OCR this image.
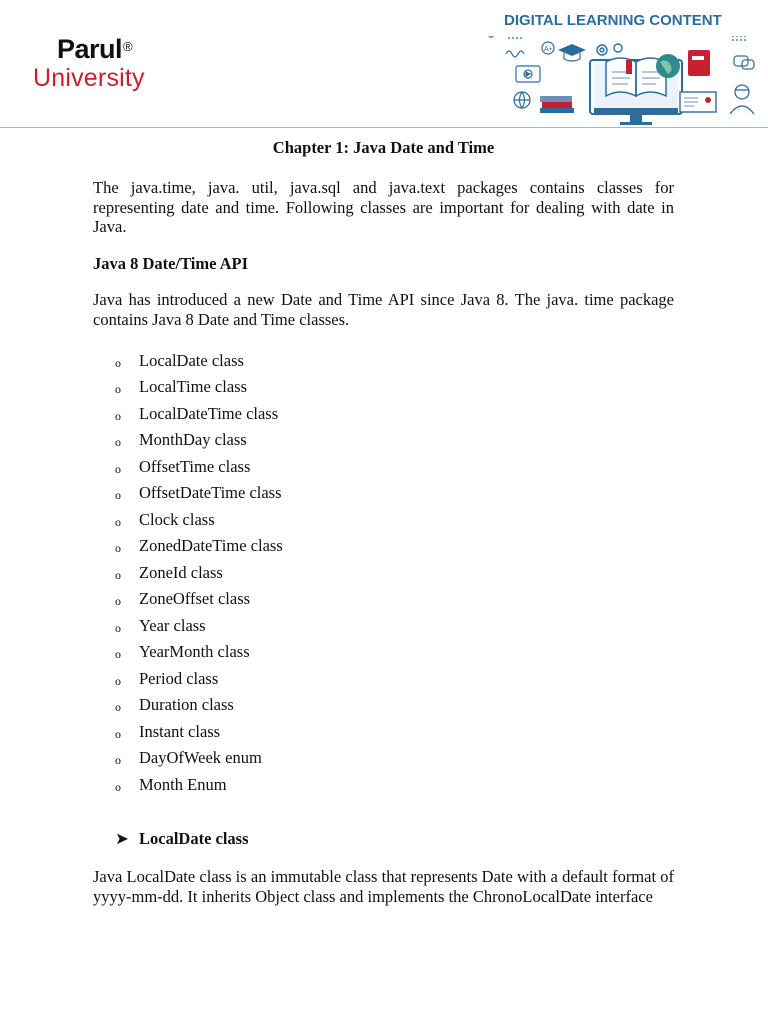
Parul ®
University
DIGITAL LEARNING CONTENT
A+
Chapter 1: Java Date and Time

The java.time, java. util, java.sql and java.text packages contains classes for representing date and time. Following classes are important for dealing with date in Java.

Java 8 Date/Time API

Java has introduced a new Date and Time API since Java 8. The java. time package contains Java 8 Date and Time classes.

o LocalDate class
o LocalTime class
o LocalDateTime class
o MonthDay class
o OffsetTime class
o OffsetDateTime class
o Clock class
o ZonedDateTime class
o ZoneId class
o ZoneOffset class
o Year class
o YearMonth class
o Period class
o Duration class
o Instant class
o DayOfWeek enum
o Month Enum
➤ LocalDate class

Java LocalDate class is an immutable class that represents Date with a default format of yyyy-mm-dd. It inherits Object class and implements the ChronoLocalDate interface
